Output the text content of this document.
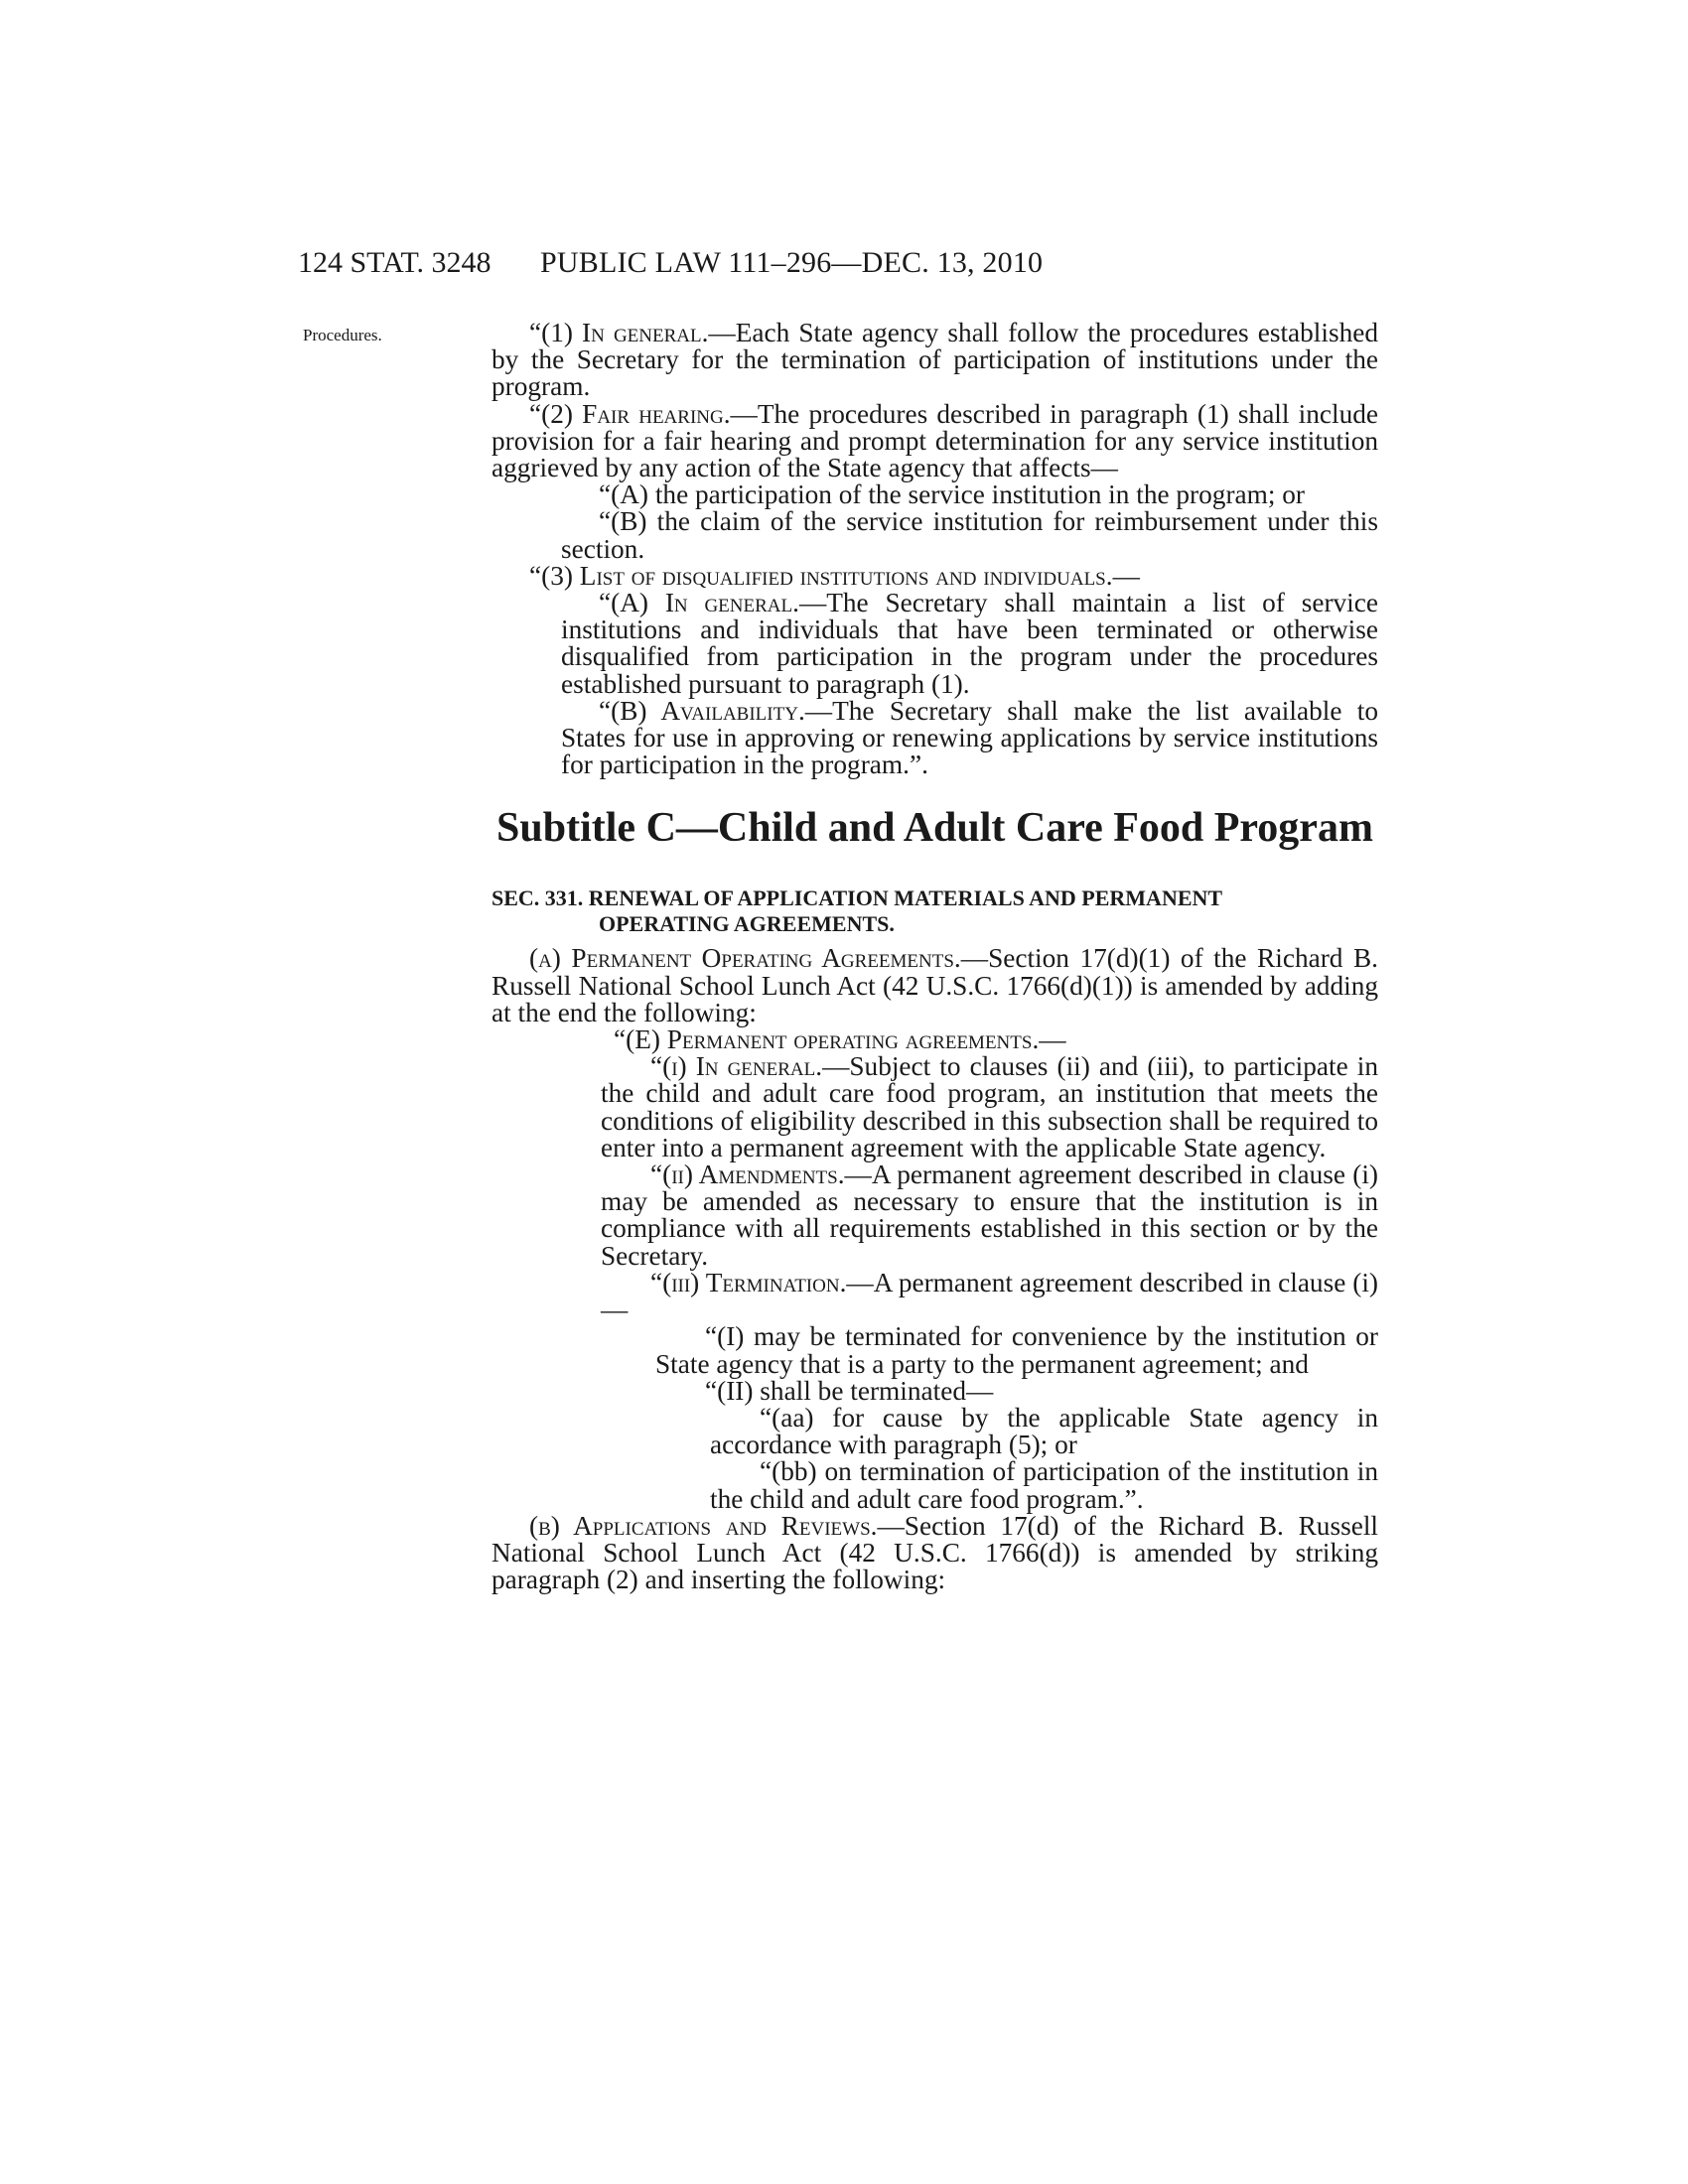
124 STAT. 3248 PUBLIC LAW 111–296—DEC. 13, 2010
Procedures.	“(1) In general.—Each State agency shall follow the procedures established by the Secretary for the termination of participation of institutions under the program.

“(2) Fair hearing.—The procedures described in paragraph (1) shall include provision for a fair hearing and prompt determination for any service institution aggrieved by any action of the State agency that affects—

“(A) the participation of the service institution in the program; or

“(B) the claim of the service institution for reimbursement under this section.

“(3) List of disqualified institutions and individuals.—

“(A) In general.—The Secretary shall maintain a list of service institutions and individuals that have been terminated or otherwise disqualified from participation in the program under the procedures established pursuant to paragraph (1).

“(B) Availability.—The Secretary shall make the list available to States for use in approving or renewing applications by service institutions for participation in the program.”.

Subtitle C—Child and Adult Care Food Program
SEC. 331. RENEWAL OF APPLICATION MATERIALS AND PERMANENT
OPERATING AGREEMENTS.

(a) Permanent Operating Agreements.—Section 17(d)(1) of the Richard B. Russell National School Lunch Act (42 U.S.C. 1766(d)(1)) is amended by adding at the end the following:

“(E) Permanent operating agreements.—

“(i) In general.—Subject to clauses (ii) and (iii), to participate in the child and adult care food program, an institution that meets the conditions of eligibility described in this subsection shall be required to enter into a permanent agreement with the applicable State agency.

“(ii) Amendments.—A permanent agreement described in clause (i) may be amended as necessary to ensure that the institution is in compliance with all requirements established in this section or by the Secretary.

“(iii) Termination.—A permanent agreement described in clause (i)—

“(I) may be terminated for convenience by the institution or State agency that is a party to the permanent agreement; and

“(II) shall be terminated—

“(aa) for cause by the applicable State agency in accordance with paragraph (5); or

“(bb) on termination of participation of the institution in the child and adult care food program.”.

(b) Applications and Reviews.—Section 17(d) of the Richard B. Russell National School Lunch Act (42 U.S.C. 1766(d)) is amended by striking paragraph (2) and inserting the following:
